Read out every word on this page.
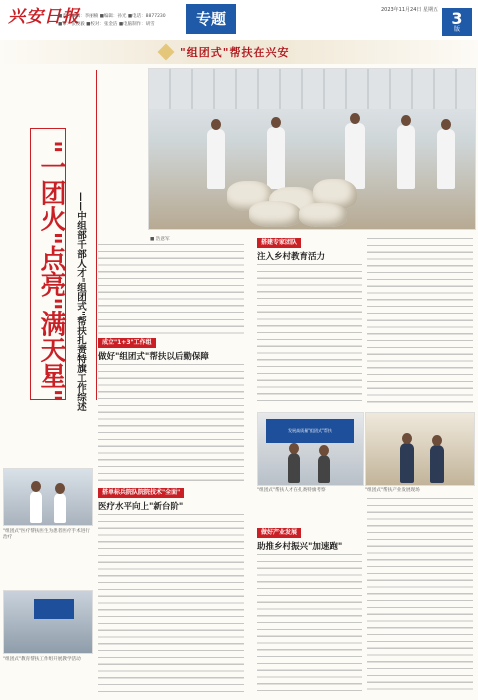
兴安日报
■责任编辑：李丽楠 ■编辑：孙光 ■电话：8877230
■审：张俊毅 ■校对：张金洁 ■电脑制作：胡雪	专题	2023年11月24日 星期五 3
版
"组团式"帮扶在兴安
"一团火"点亮"满天星" ——中组部千部人才"组团式"帮扶扎赉特旗工作综述	■ 浩意军
成立"1+3"工作组
做好"组团式"帮扶以后勤保障
搭单标兵院队院院技术"全面"
医疗水平向上"新台阶"
"组团式"医疗帮扶医生为患者医疗手术进行治疗
"组团式"教育帮扶工作组开展教学活动
搭建专家团队
注入乡村教育活力
发展高质量"组团式"帮扶
"组团式"帮扶人才在扎赉特旗考察	"组团式"帮扶产业发展现场
做好产业发展
助推乡村振兴"加速跑"
